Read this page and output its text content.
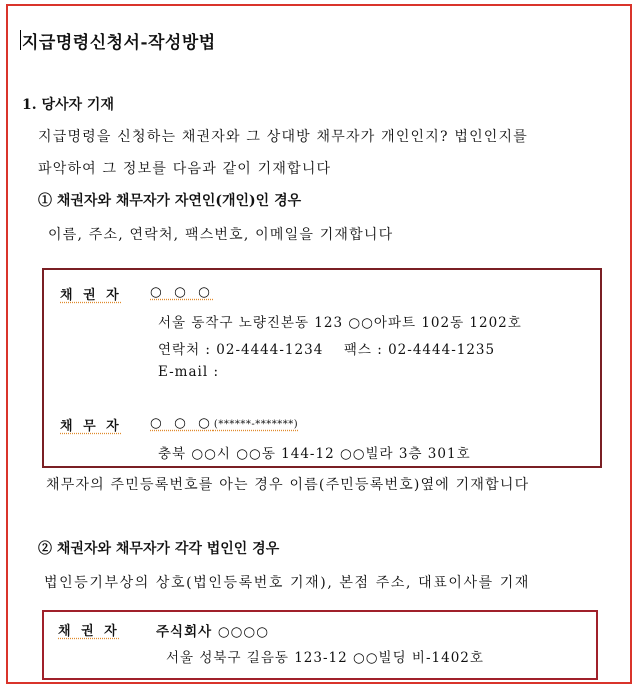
지급명령신청서-작성방법
1. 당사자 기재
지급명령을 신청하는 채권자와 그 상대방 채무자가 개인인지? 법인인지를
파악하여 그 정보를 다음과 같이 기재합니다
① 채권자와 채무자가 자연인(개인)인 경우
이름, 주소, 연락처, 팩스번호, 이메일을 기재합니다
채 권 자 ○ ○ ○
서울 동작구 노량진본동 123 ○○아파트 102동 1202호
연락처 : 02-4444-1234 팩스 : 02-4444-1235
E-mail :
채 무 자 ○ ○ ○(******-*******)
충북 ○○시 ○○동 144-12 ○○빌라 3층 301호
채무자의 주민등록번호를 아는 경우 이름(주민등록번호)옆에 기재합니다
② 채권자와 채무자가 각각 법인인 경우
법인등기부상의 상호(법인등록번호 기재), 본점 주소, 대표이사를 기재
채 권 자	주식회사 ○○○○
서울 성북구 길음동 123-12 ○○빌딩 비-1402호
